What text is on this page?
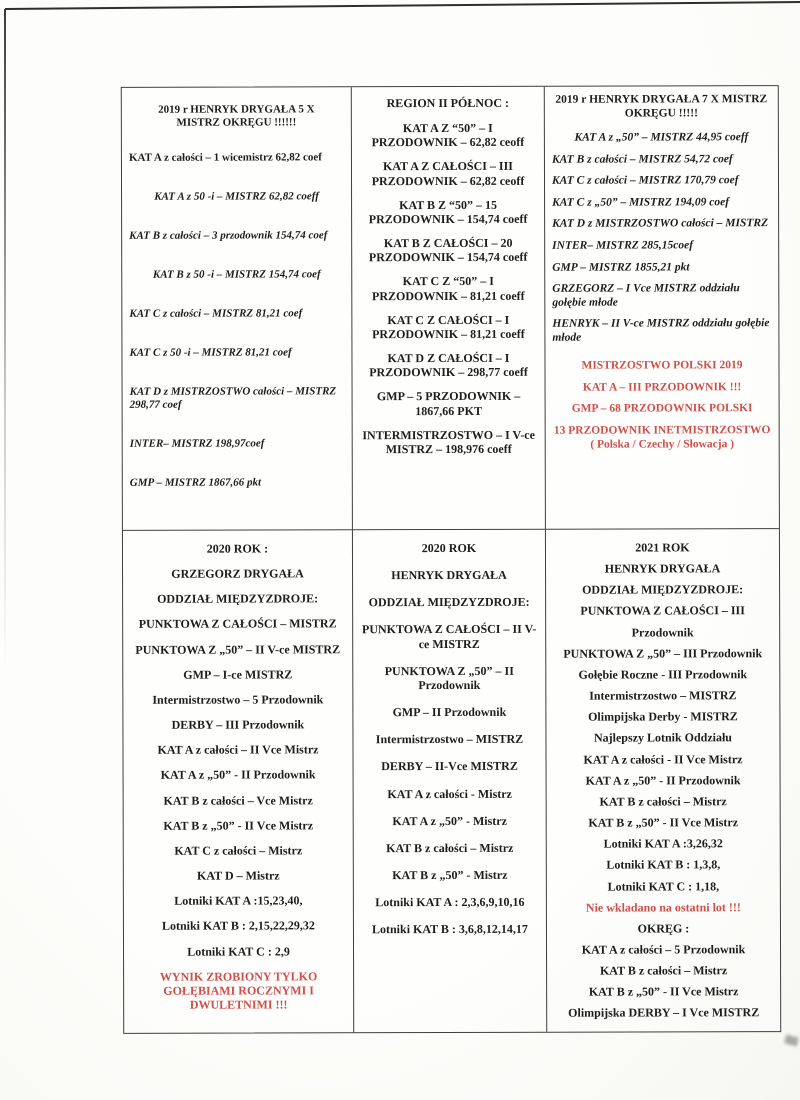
2019 r HENRYK DRYGAŁA 5 X MISTRZ OKRĘGU !!!!!!
KAT A z całości – 1 wicemistrz 62,82 coef
KAT A z 50 -i – MISTRZ 62,82 coeff
KAT B z całości – 3 przodownik 154,74 coef
KAT B z 50 -i – MISTRZ 154,74 coef
KAT C z całości – MISTRZ 81,21 coef
KAT C z 50 -i – MISTRZ 81,21 coef
KAT D z MISTRZOSTWO całości – MISTRZ 298,77 coef
INTER– MISTRZ 198,97coef
GMP – MISTRZ 1867,66 pkt
REGION II PÓŁNOC :
KAT A Z “50” – I PRZODOWNIK – 62,82 ceoff
KAT A Z CAŁOŚCI – III PRZODOWNIK – 62,82 ceoff
KAT B Z “50” – 15 PRZODOWNIK – 154,74 coeff
KAT B Z CAŁOŚCI – 20 PRZODOWNIK – 154,74 coeff
KAT C Z “50” – I PRZODOWNIK – 81,21 coeff
KAT C Z CAŁOŚCI – I PRZODOWNIK – 81,21 coeff
KAT D Z CAŁOŚCI – I PRZODOWNIK – 298,77 coeff
GMP – 5 PRZODOWNIK – 1867,66 PKT
INTERMISTRZOSTWO – I V-ce MISTRZ – 198,976 coeff
2019 r HENRYK DRYGAŁA 7 X MISTRZ OKRĘGU !!!!!
KAT A z „50” – MISTRZ 44,95 coeff
KAT B z całości – MISTRZ 54,72 coef
KAT C z całości – MISTRZ 170,79 coef
KAT C z „50” – MISTRZ 194,09 coef
KAT D z MISTRZOSTWO całości – MISTRZ
INTER– MISTRZ 285,15coef
GMP – MISTRZ 1855,21 pkt
GRZEGORZ – I Vce MISTRZ oddziału gołębie młode
HENRYK – II V-ce MISTRZ oddziału gołębie młode
MISTRZOSTWO POLSKI 2019
KAT A – III PRZODOWNIK !!!
GMP – 68 PRZODOWNIK POLSKI
13 PRZODOWNIK INETMISTRZOSTWO ( Polska / Czechy / Słowacja )
2020 ROK :
GRZEGORZ DRYGAŁA
ODDZIAŁ MIĘDZYZDROJE:
PUNKTOWA Z CAŁOŚCI – MISTRZ
PUNKTOWA Z „50” – II V-ce MISTRZ
GMP – I-ce MISTRZ
Intermistrzostwo – 5 Przodownik
DERBY – III Przodownik
KAT A z całości – II Vce Mistrz
KAT A z „50” - II Przodownik
KAT B z całości – Vce Mistrz
KAT B z „50” - II Vce Mistrz
KAT C z całości – Mistrz
KAT D – Mistrz
Lotniki KAT A :15,23,40,
Lotniki KAT B : 2,15,22,29,32
Lotniki KAT C : 2,9
WYNIK ZROBIONY TYLKO GOŁĘBIAMI ROCZNYMI I DWULETNIMI !!!
2020 ROK
HENRYK DRYGAŁA
ODDZIAŁ MIĘDZYZDROJE:
PUNKTOWA Z CAŁOŚCI – II V-ce MISTRZ
PUNKTOWA Z „50” – II Przodownik
GMP – II Przodownik
Intermistrzostwo – MISTRZ
DERBY – II-Vce MISTRZ
KAT A z całości - Mistrz
KAT A z „50” - Mistrz
KAT B z całości – Mistrz
KAT B z „50” - Mistrz
Lotniki KAT A : 2,3,6,9,10,16
Lotniki KAT B : 3,6,8,12,14,17
2021 ROK
HENRYK DRYGAŁA
ODDZIAŁ MIĘDZYZDROJE:
PUNKTOWA Z CAŁOŚCI – III
Przodownik
PUNKTOWA Z „50” – III Przodownik
Gołębie Roczne - III Przodownik
Intermistrzostwo – MISTRZ
Olimpijska Derby - MISTRZ
Najlepszy Lotnik Oddziału
KAT A z całości - II Vce Mistrz
KAT A z „50” - II Przodownik
KAT B z całości – Mistrz
KAT B z „50” - II Vce Mistrz
Lotniki KAT A :3,26,32
Lotniki KAT B : 1,3,8,
Lotniki KAT C : 1,18,
Nie wkladano na ostatni lot !!!
OKRĘG :
KAT A z całości – 5 Przodownik
KAT B z całości – Mistrz
KAT B z „50” - II Vce Mistrz
Olimpijska DERBY – I Vce MISTRZ
